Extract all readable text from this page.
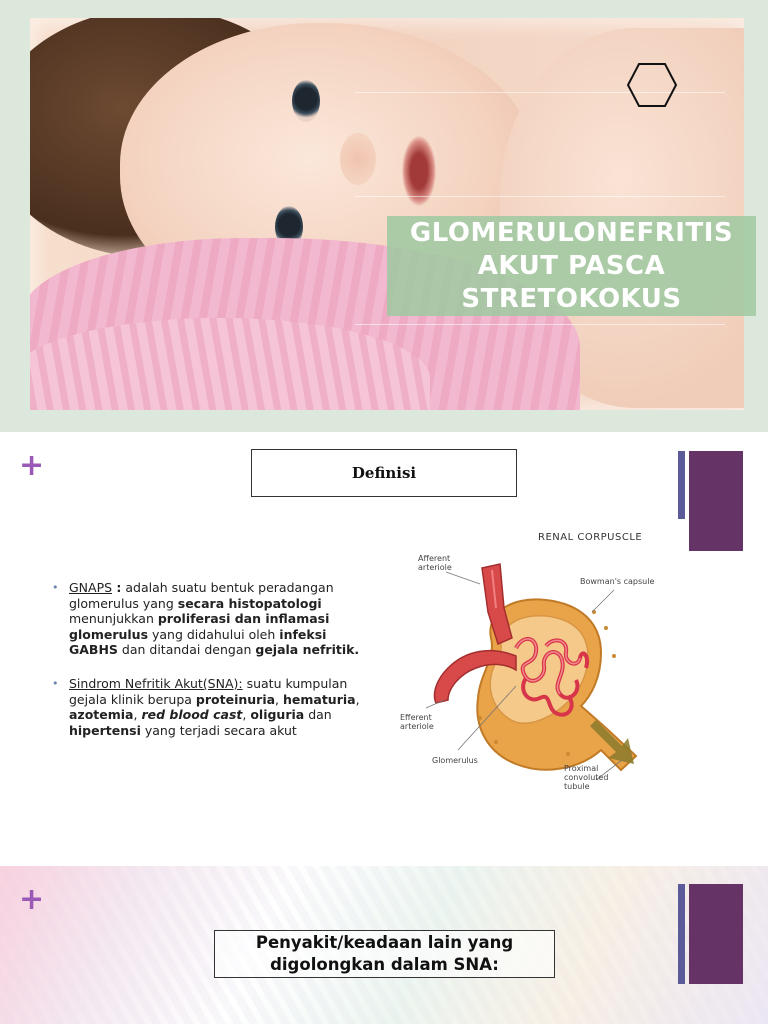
GLOMERULONEFRITIS
AKUT PASCA
STRETOKOKUS
+	Definisi
• GNAPS : adalah suatu bentuk peradangan glomerulus yang secara histopatologi menunjukkan proliferasi dan inflamasi glomerulus yang didahului oleh infeksi GABHS dan ditandai dengan gejala nefritik.
• Sindrom Nefritik Akut(SNA): suatu kumpulan gejala klinik berupa proteinuria, hematuria, azotemia, red blood cast, oliguria dan hipertensi yang terjadi secara akut
RENAL CORPUSCLE
Afferent
arteriole
Bowman's capsule
Efferent
arteriole
Glomerulus
Proximal
convoluted
tubule
+
Penyakit/keadaan lain yang
digolongkan dalam SNA:
